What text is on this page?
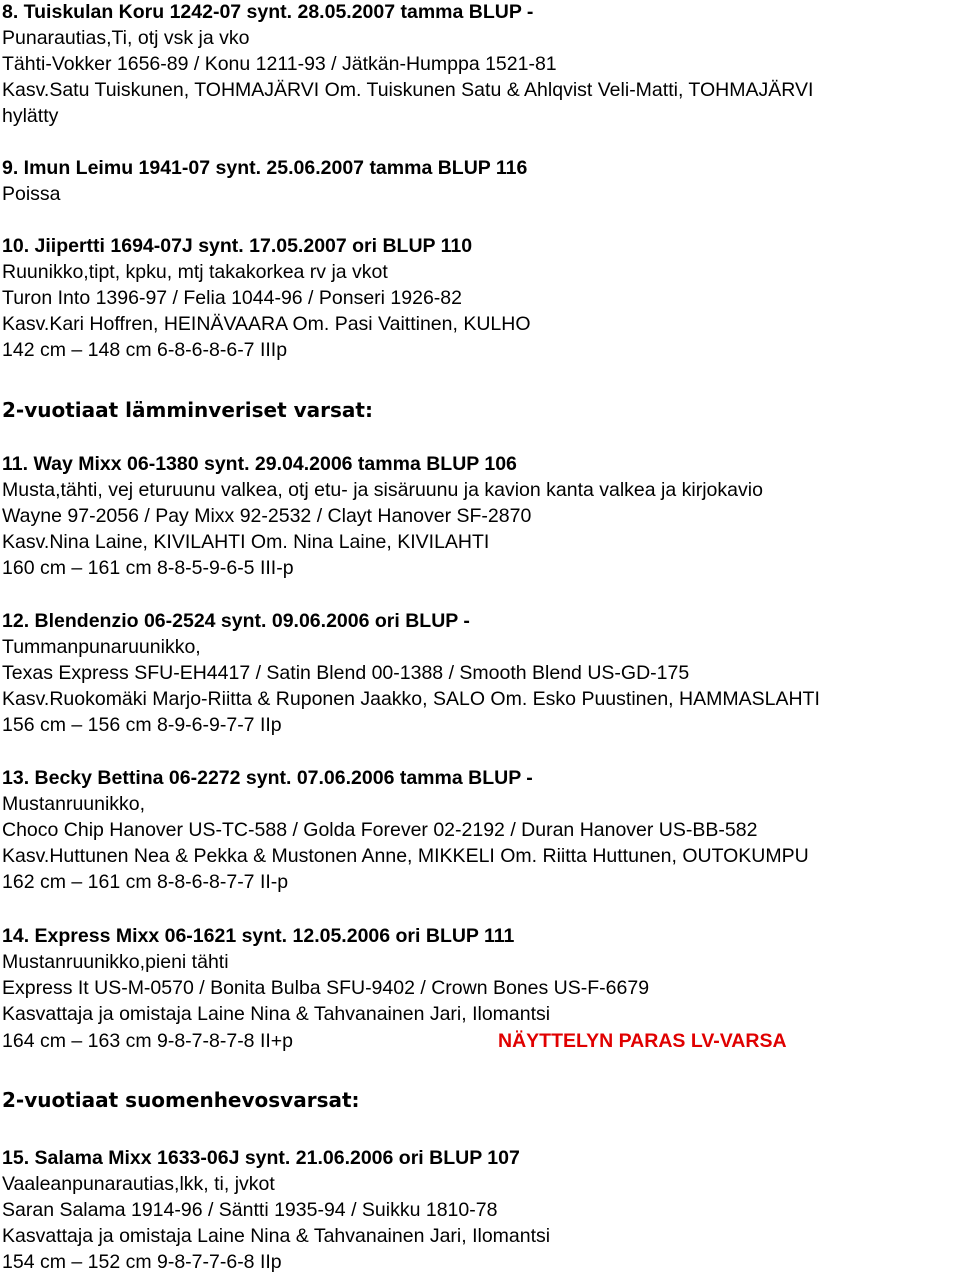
8. Tuiskulan Koru 1242-07 synt. 28.05.2007 tamma BLUP -
Punarautias,Ti, otj vsk ja vko
Tähti-Vokker 1656-89 / Konu 1211-93 / Jätkän-Humppa 1521-81
Kasv.Satu Tuiskunen, TOHMAJÄRVI Om. Tuiskunen Satu & Ahlqvist Veli-Matti, TOHMAJÄRVI
hylätty
9. Imun Leimu 1941-07 synt. 25.06.2007 tamma BLUP 116
Poissa
10. Jiipertti 1694-07J synt. 17.05.2007 ori BLUP 110
Ruunikko,tipt, kpku, mtj takakorkea rv ja vkot
Turon Into 1396-97 / Felia 1044-96 / Ponseri 1926-82
Kasv.Kari Hoffren, HEINÄVAARA Om. Pasi Vaittinen, KULHO
142 cm – 148 cm 6-8-6-8-6-7 IIIp
2-vuotiaat lämminveriset varsat:
11. Way Mixx 06-1380 synt. 29.04.2006 tamma BLUP 106
Musta,tähti, vej eturuunu valkea, otj etu- ja sisäruunu ja kavion kanta valkea ja kirjokavio
Wayne 97-2056 / Pay Mixx 92-2532 / Clayt Hanover SF-2870
Kasv.Nina Laine, KIVILAHTI Om. Nina Laine, KIVILAHTI
160 cm – 161 cm 8-8-5-9-6-5 III-p
12. Blendenzio 06-2524 synt. 09.06.2006 ori BLUP -
Tummanpunaruunikko,
Texas Express SFU-EH4417 / Satin Blend 00-1388 / Smooth Blend US-GD-175
Kasv.Ruokomäki Marjo-Riitta & Ruponen Jaakko, SALO Om. Esko Puustinen, HAMMASLAHTI
156 cm – 156 cm 8-9-6-9-7-7 IIp
13. Becky Bettina 06-2272 synt. 07.06.2006 tamma BLUP -
Mustanruunikko,
Choco Chip Hanover US-TC-588 / Golda Forever 02-2192 / Duran Hanover US-BB-582
Kasv.Huttunen Nea & Pekka & Mustonen Anne, MIKKELI Om. Riitta Huttunen, OUTOKUMPU
162 cm – 161 cm 8-8-6-8-7-7 II-p
14. Express Mixx 06-1621 synt. 12.05.2006 ori BLUP 111
Mustanruunikko,pieni tähti
Express It US-M-0570 / Bonita Bulba SFU-9402 / Crown Bones US-F-6679
Kasvattaja ja omistaja Laine Nina & Tahvanainen Jari, Ilomantsi
164 cm – 163 cm 9-8-7-8-7-8 II+p	NÄYTTELYN PARAS LV-VARSA
2-vuotiaat suomenhevosvarsat:
15. Salama Mixx 1633-06J synt. 21.06.2006 ori BLUP 107
Vaaleanpunarautias,lkk, ti, jvkot
Saran Salama 1914-96 / Säntti 1935-94 / Suikku 1810-78
Kasvattaja ja omistaja Laine Nina & Tahvanainen Jari, Ilomantsi
154 cm – 152 cm 9-8-7-7-6-8 IIp
